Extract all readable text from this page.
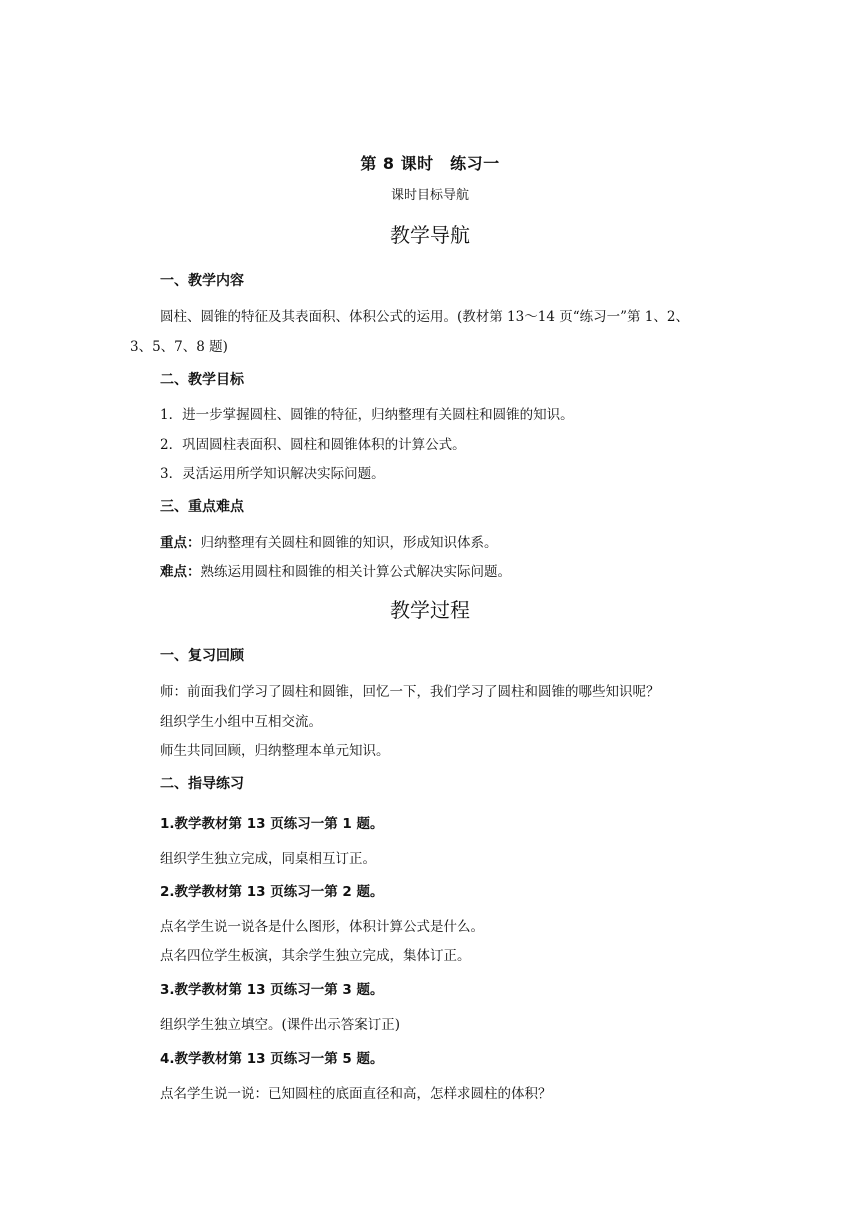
第 8 课时　练习一
课时目标导航
教学导航
一、教学内容
圆柱、圆锥的特征及其表面积、体积公式的运用。(教材第 13～14 页“练习一”第 1、2、
3、5、7、8 题)
二、教学目标
1．进一步掌握圆柱、圆锥的特征，归纳整理有关圆柱和圆锥的知识。
2．巩固圆柱表面积、圆柱和圆锥体积的计算公式。
3．灵活运用所学知识解决实际问题。
三、重点难点
重点：归纳整理有关圆柱和圆锥的知识，形成知识体系。
难点：熟练运用圆柱和圆锥的相关计算公式解决实际问题。
教学过程
一、复习回顾
师：前面我们学习了圆柱和圆锥，回忆一下，我们学习了圆柱和圆锥的哪些知识呢？
组织学生小组中互相交流。
师生共同回顾，归纳整理本单元知识。
二、指导练习
1.教学教材第 13 页练习一第 1 题。
组织学生独立完成，同桌相互订正。
2.教学教材第 13 页练习一第 2 题。
点名学生说一说各是什么图形，体积计算公式是什么。
点名四位学生板演，其余学生独立完成，集体订正。
3.教学教材第 13 页练习一第 3 题。
组织学生独立填空。(课件出示答案订正)
4.教学教材第 13 页练习一第 5 题。
点名学生说一说：已知圆柱的底面直径和高，怎样求圆柱的体积？
